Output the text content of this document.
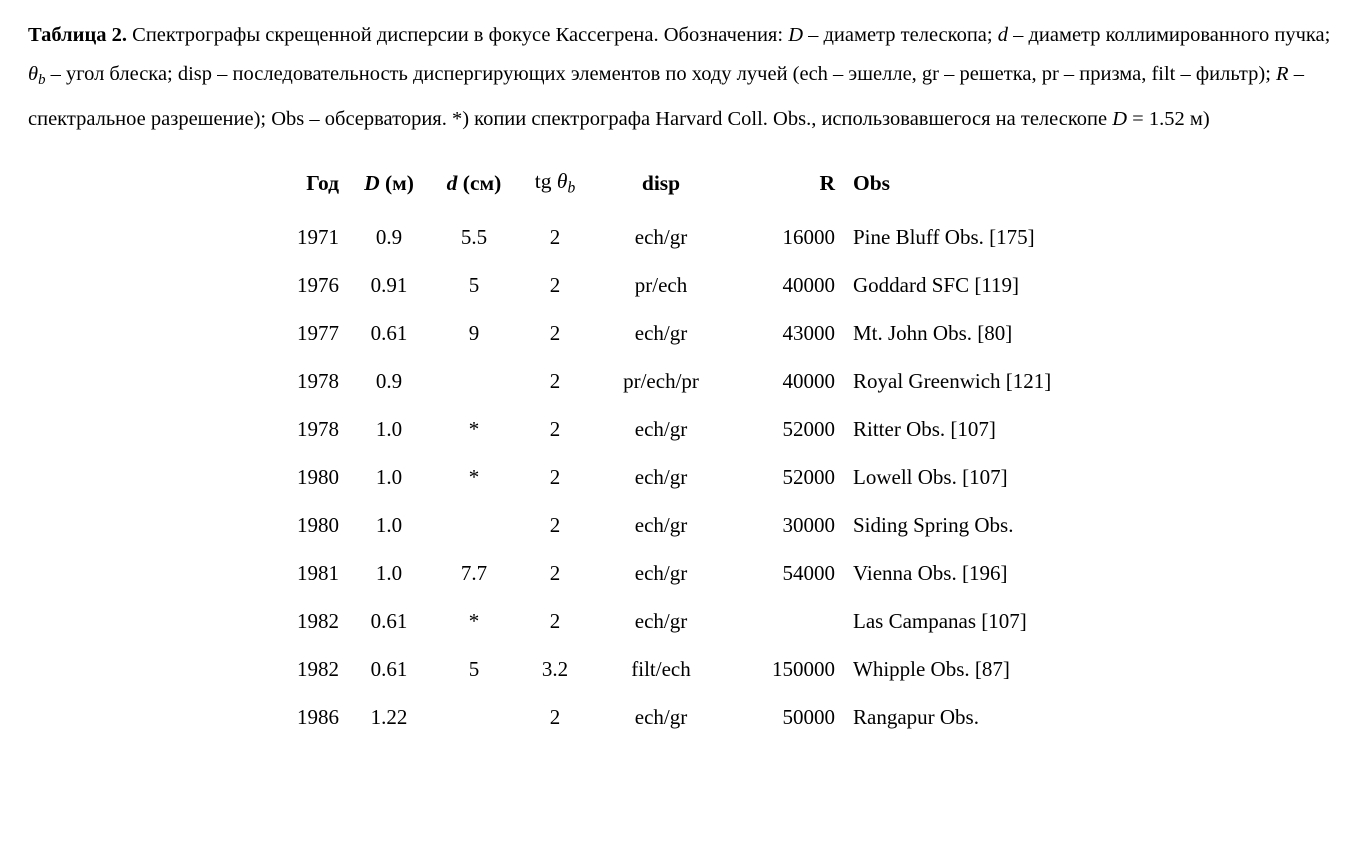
Таблица 2. Спектрографы скрещенной дисперсии в фокусе Кассегрена. Обозначения: D – диаметр телескопа; d – диаметр коллимированного пучка; $\theta_b$ – угол блеска; disp – последовательность диспергирующих элементов по ходу лучей (ech – эшелле, gr – решетка, pr – призма, filt – фильтр); R – спектральное разрешение); Obs – обсерватория. *) копии спектрографа Harvard Coll. Obs., использовавшегося на телескопе D = 1.52 м)

Год	D (м)	d (см)	tg $\theta_b$	disp	R	Obs
1971	0.9	5.5	2	ech/gr	16000	Pine Bluff Obs. [175]
1976	0.91	5	2	pr/ech	40000	Goddard SFC [119]
1977	0.61	9	2	ech/gr	43000	Mt. John Obs. [80]
1978	0.9		2	pr/ech/pr	40000	Royal Greenwich [121]
1978	1.0	*	2	ech/gr	52000	Ritter Obs. [107]
1980	1.0	*	2	ech/gr	52000	Lowell Obs. [107]
1980	1.0		2	ech/gr	30000	Siding Spring Obs.
1981	1.0	7.7	2	ech/gr	54000	Vienna Obs. [196]
1982	0.61	*	2	ech/gr		Las Campanas [107]
1982	0.61	5	3.2	filt/ech	150000	Whipple Obs. [87]
1986	1.22		2	ech/gr	50000	Rangapur Obs.
